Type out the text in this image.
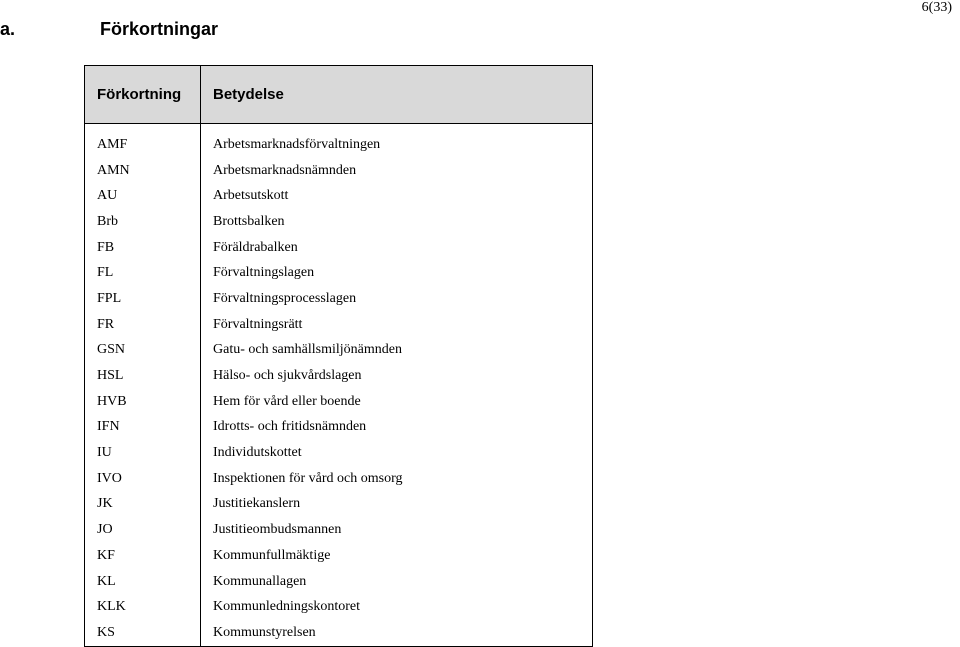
6(33)
a.	Förkortningar
Förkortning	Betydelse
AMF	Arbetsmarknadsförvaltningen
AMN	Arbetsmarknadsnämnden
AU	Arbetsutskott
Brb	Brottsbalken
FB	Föräldrabalken
FL	Förvaltningslagen
FPL	Förvaltningsprocesslagen
FR	Förvaltningsrätt
GSN	Gatu- och samhällsmiljönämnden
HSL	Hälso- och sjukvårdslagen
HVB	Hem för vård eller boende
IFN	Idrotts- och fritidsnämnden
IU	Individutskottet
IVO	Inspektionen för vård och omsorg
JK	Justitiekanslern
JO	Justitieombudsmannen
KF	Kommunfullmäktige
KL	Kommunallagen
KLK	Kommunledningskontoret
KS	Kommunstyrelsen
